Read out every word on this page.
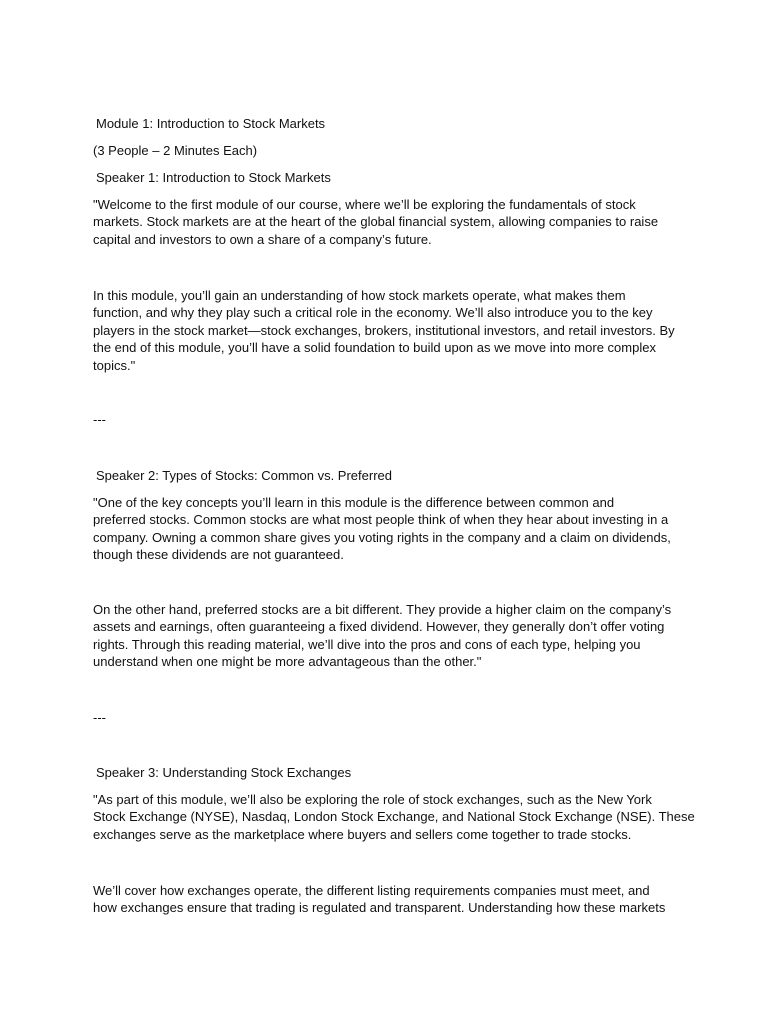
Module 1: Introduction to Stock Markets
(3 People – 2 Minutes Each)
Speaker 1: Introduction to Stock Markets
"Welcome to the first module of our course, where we’ll be exploring the fundamentals of stock
markets. Stock markets are at the heart of the global financial system, allowing companies to raise
capital and investors to own a share of a company’s future.
In this module, you’ll gain an understanding of how stock markets operate, what makes them
function, and why they play such a critical role in the economy. We’ll also introduce you to the key
players in the stock market—stock exchanges, brokers, institutional investors, and retail investors. By
the end of this module, you’ll have a solid foundation to build upon as we move into more complex
topics."
---
Speaker 2: Types of Stocks: Common vs. Preferred
"One of the key concepts you’ll learn in this module is the difference between common and
preferred stocks. Common stocks are what most people think of when they hear about investing in a
company. Owning a common share gives you voting rights in the company and a claim on dividends,
though these dividends are not guaranteed.
On the other hand, preferred stocks are a bit different. They provide a higher claim on the company’s
assets and earnings, often guaranteeing a fixed dividend. However, they generally don’t offer voting
rights. Through this reading material, we’ll dive into the pros and cons of each type, helping you
understand when one might be more advantageous than the other."
---
Speaker 3: Understanding Stock Exchanges
"As part of this module, we’ll also be exploring the role of stock exchanges, such as the New York
Stock Exchange (NYSE), Nasdaq, London Stock Exchange, and National Stock Exchange (NSE). These
exchanges serve as the marketplace where buyers and sellers come together to trade stocks.
We’ll cover how exchanges operate, the different listing requirements companies must meet, and
how exchanges ensure that trading is regulated and transparent. Understanding how these markets
